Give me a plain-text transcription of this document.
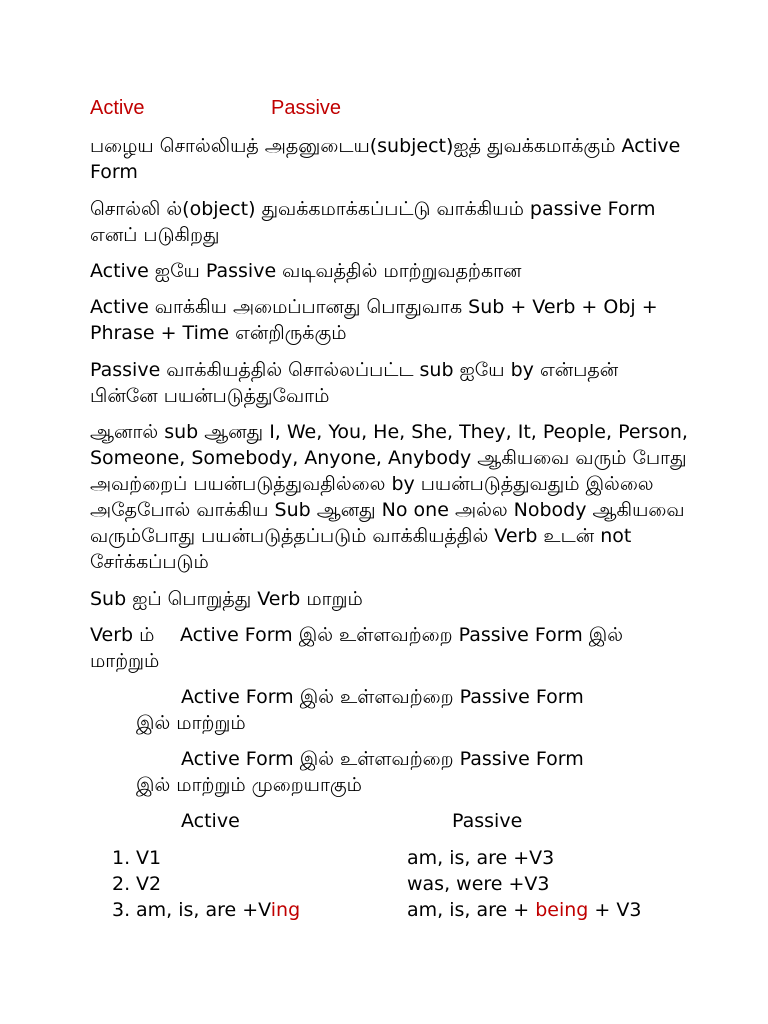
Active	Passive

பழைய சொல்லியத் அதனுடைய(subject)ஐத் துவக்கமாக்கும் Active Form

சொல்லி ல்(object) துவக்கமாக்கப்பட்டு வாக்கியம் passive Form எனப் படுகிறது

Active ஐயே Passive வடிவத்தில் மாற்றுவதற்கான

Active வாக்கிய அமைப்பானது பொதுவாக Sub + Verb + Obj + Phrase + Time என்றிருக்கும்

Passive வாக்கியத்தில் சொல்லப்பட்ட sub ஐயே by என்பதன் பின்னே பயன்படுத்துவோம்

ஆனால் sub ஆனது I, We, You, He, She, They, It, People, Person, Someone, Somebody, Anyone, Anybody ஆகியவை வரும் போது அவற்றைப் பயன்படுத்துவதில்லை by பயன்படுத்துவதும் இல்லை அதேபோல் வாக்கிய Sub ஆனது No one அல்ல Nobody ஆகியவை வரும்போது பயன்படுத்தப்படும் வாக்கியத்தில் Verb உடன் not சேர்க்கப்படும்

Sub ஐப் பொறுத்து Verb மாறும்

Verb ம்	Active Form இல் உள்ளவற்றை Passive Form இல் மாற்றும்

Active Form இல் உள்ளவற்றை Passive Form
இல் மாற்றும்
Active Form இல் உள்ளவற்றை Passive Form
இல் மாற்றும் முறையாகும்
Active	Passive
1. V1	am, is, are +V3
2. V2	was, were +V3
3. am, is, are +Ving	am, is, are + being + V3
